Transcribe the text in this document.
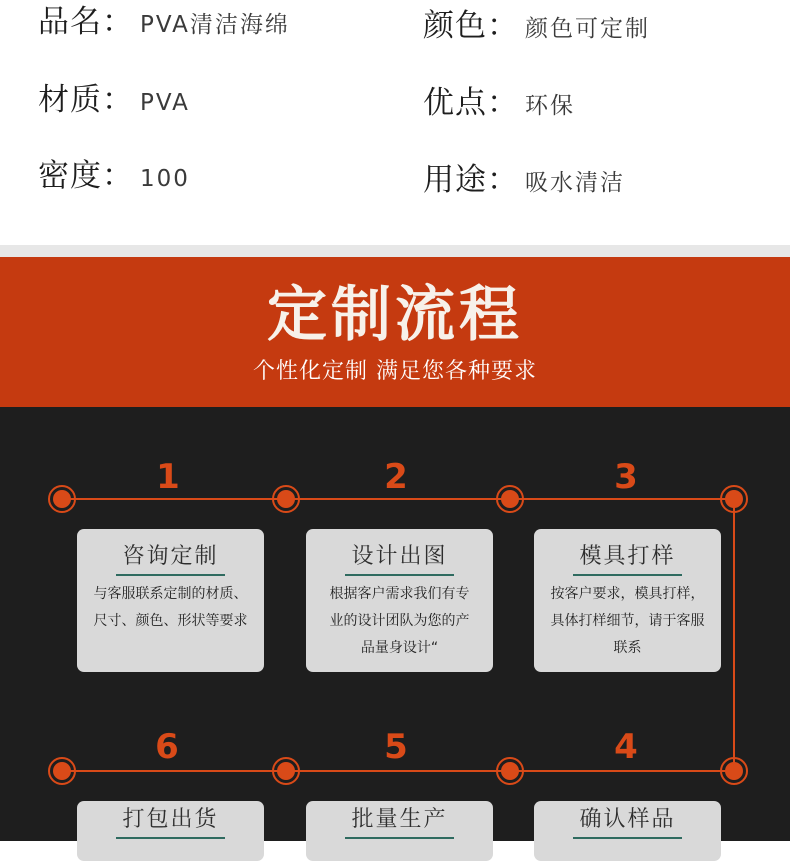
品名： PVA清洁海绵	颜色： 颜色可定制
材质： PVA	优点： 环保
密度： 100	用途： 吸水清洁
定制流程

个性化定制 满足您各种要求

1	2	3
咨询定制
与客服联系定制的材质、
尺寸、颜色、形状等要求
设计出图
根据客户需求我们有专
业的设计团队为您的产
品量身设计“
模具打样
按客户要求，模具打样，
具体打样细节，请于客服
联系
6	5	4
打包出货	批量生产	确认样品
